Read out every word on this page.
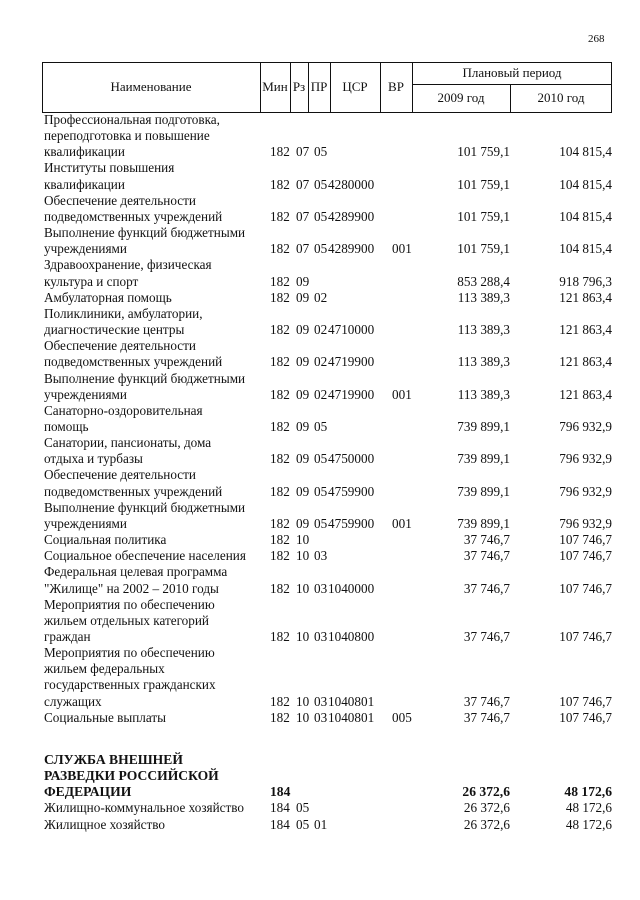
268
Наименование	Мин Рз ПР	ЦСР	ВР
Плановый период
2009 год	2010 год
Профессиональная подготовка,
переподготовка и повышение
квалификации	182 07 05	101 759,1	104 815,4
Институты повышения
квалификации	182 07 05 4280000	101 759,1	104 815,4
Обеспечение деятельности
подведомственных учреждений	182 07 05 4289900	101 759,1	104 815,4
Выполнение функций бюджетными
учреждениями	182 07 05 4289900 001	101 759,1	104 815,4
Здравоохранение, физическая
культура и спорт	182 09	853 288,4	918 796,3
Амбулаторная помощь	182 09 02	113 389,3	121 863,4
Поликлиники, амбулатории,
диагностические центры	182 09 02 4710000	113 389,3	121 863,4
Обеспечение деятельности
подведомственных учреждений	182 09 02 4719900	113 389,3	121 863,4
Выполнение функций бюджетными
учреждениями	182 09 02 4719900 001	113 389,3	121 863,4
Санаторно-оздоровительная
помощь	182 09 05	739 899,1	796 932,9
Санатории, пансионаты, дома
отдыха и турбазы	182 09 05 4750000	739 899,1	796 932,9
Обеспечение деятельности
подведомственных учреждений	182 09 05 4759900	739 899,1	796 932,9
Выполнение функций бюджетными
учреждениями	182 09 05 4759900 001	739 899,1	796 932,9
Социальная политика	182 10	37 746,7	107 746,7
Социальное обеспечение населения	182 10 03	37 746,7	107 746,7
Федеральная целевая программа
"Жилище" на 2002 – 2010 годы	182 10 03 1040000	37 746,7	107 746,7
Мероприятия по обеспечению
жильем отдельных категорий
граждан	182 10 03 1040800	37 746,7	107 746,7
Мероприятия по обеспечению
жильем федеральных
государственных гражданских
служащих	182 10 03 1040801	37 746,7	107 746,7
Социальные выплаты	182 10 03 1040801 005	37 746,7	107 746,7
СЛУЖБА ВНЕШНЕЙ
РАЗВЕДКИ РОССИЙСКОЙ
ФЕДЕРАЦИИ	184	26 372,6	48 172,6
Жилищно-коммунальное хозяйство	184 05	26 372,6	48 172,6
Жилищное хозяйство	184 05 01	26 372,6	48 172,6
